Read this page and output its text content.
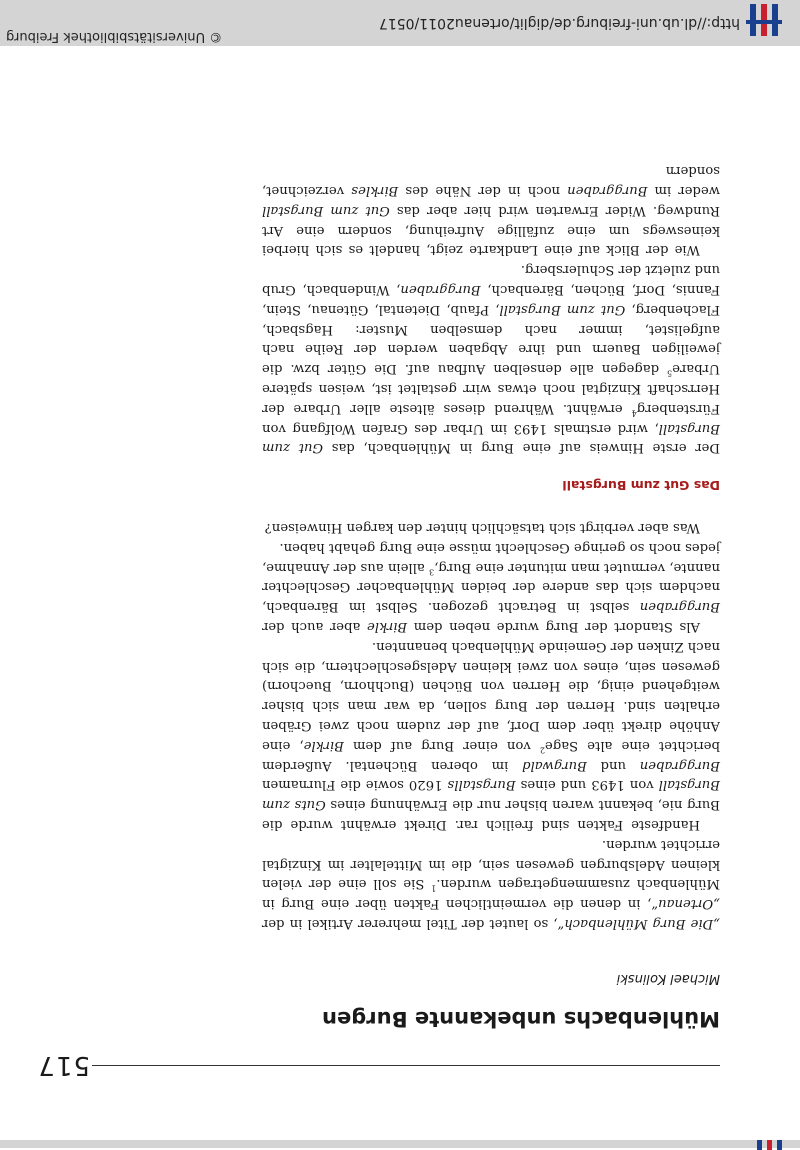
517
Mühlenbachs unbekannte Burgen
Michael Kolinski

„Die Burg Mühlenbach“, so lautet der Titel mehrerer Artikel in der „Ortenau“, in denen die vermeintlichen Fakten über eine Burg in Mühlenbach zusammengetragen wurden.$^1$ Sie soll eine der vielen kleinen Adelsburgen gewesen sein, die im Mittelalter im Kinzigtal errichtet wurden.

Handfeste Fakten sind freilich rar. Direkt erwähnt wurde die Burg nie, bekannt waren bisher nur die Erwähnung eines Guts zum Burgstall von 1493 und eines Burgstalls 1620 sowie die Flurnamen Burggraben und Burgwald im oberen Büchental. Außerdem berichtet eine alte Sage$^2$ von einer Burg auf dem Birkle, eine Anhöhe direkt über dem Dorf, auf der zudem noch zwei Gräben erhalten sind. Herren der Burg sollen, da war man sich bisher weitgehend einig, die Herren von Büchen (Buchhorn, Buechorn) gewesen sein, eines von zwei kleinen Adelsgeschlechtern, die sich nach Zinken der Gemeinde Mühlenbach benannten.

Als Standort der Burg wurde neben dem Birkle aber auch der Burggraben selbst in Betracht gezogen. Selbst im Bärenbach, nachdem sich das andere der beiden Mühlenbacher Geschlechter nannte, vermutet man mitunter eine Burg,$^3$ allein aus der Annahme, jedes noch so geringe Geschlecht müsse eine Burg gehabt haben.

Was aber verbirgt sich tatsächlich hinter den kargen Hinweisen?

Das Gut zum Burgstall

Der erste Hinweis auf eine Burg in Mühlenbach, das Gut zum Burgstall, wird erstmals 1493 im Urbar des Grafen Wolfgang von Fürstenberg$^4$ erwähnt. Während dieses älteste aller Urbare der Herrschaft Kinzigtal noch etwas wirr gestaltet ist, weisen spätere Urbare$^5$ dagegen alle denselben Aufbau auf. Die Güter bzw. die jeweiligen Bauern und ihre Abgaben werden der Reihe nach aufgelistet, immer nach demselben Muster: Hagsbach, Flachenberg, Gut zum Burgstall, Pfaub, Dietental, Gütenau, Stein, Fannis, Dorf, Büchen, Bärenbach, Burggraben, Windenbach, Grub und zuletzt der Schulersberg.

Wie der Blick auf eine Landkarte zeigt, handelt es sich hierbei keineswegs um eine zufällige Aufreihung, sondern eine Art Rundweg. Wider Erwarten wird hier aber das Gut zum Burgstall weder im Burggraben noch in der Nähe des Birkles verzeichnet, sondern

http://dl.ub.uni-freiburg.de/diglit/ortenau2011/0517
© Universitätsbibliothek Freiburg
